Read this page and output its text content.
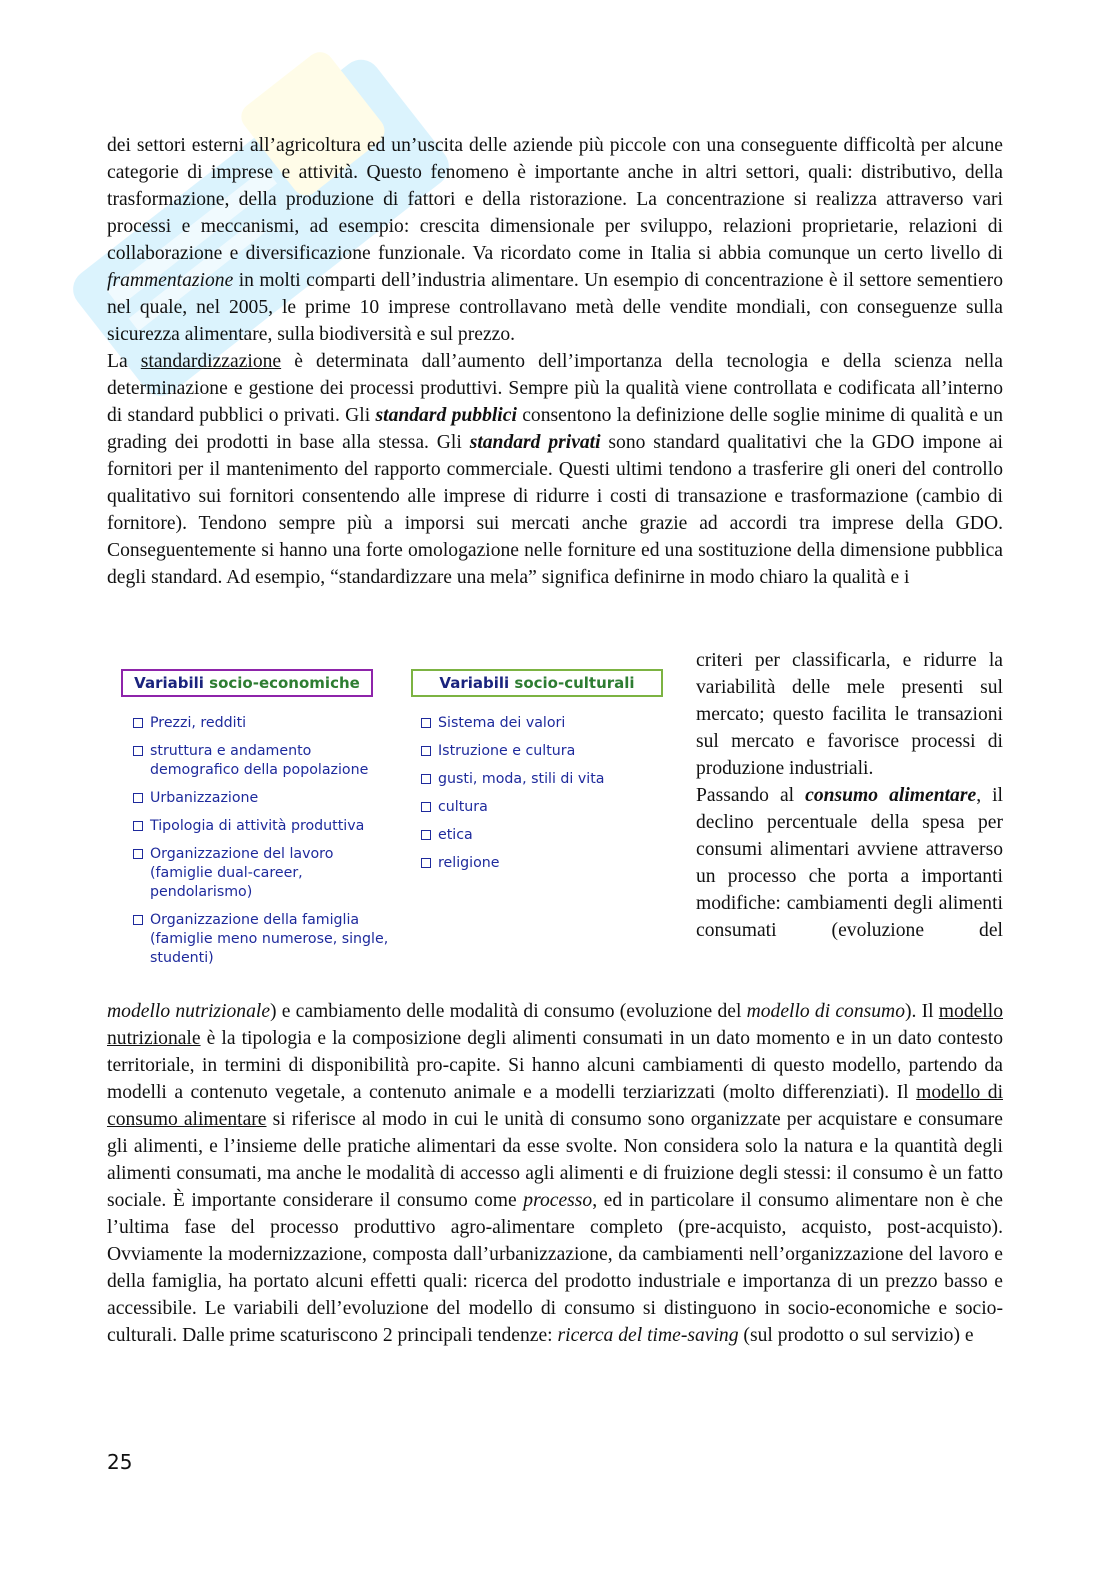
dei settori esterni all’agricoltura ed un’uscita delle aziende più piccole con una conseguente difficoltà per alcune categorie di imprese e attività. Questo fenomeno è importante anche in altri settori, quali: distributivo, della trasformazione, della produzione di fattori e della ristorazione. La concentrazione si realizza attraverso vari processi e meccanismi, ad esempio: crescita dimensionale per sviluppo, relazioni proprietarie, relazioni di collaborazione e diversificazione funzionale. Va ricordato come in Italia si abbia comunque un certo livello di frammentazione in molti comparti dell’industria alimentare. Un esempio di concentrazione è il settore sementiero nel quale, nel 2005, le prime 10 imprese controllavano metà delle vendite mondiali, con conseguenze sulla sicurezza alimentare, sulla biodiversità e sul prezzo.

La standardizzazione è determinata dall’aumento dell’importanza della tecnologia e della scienza nella determinazione e gestione dei processi produttivi. Sempre più la qualità viene controllata e codificata all’interno di standard pubblici o privati. Gli standard pubblici consentono la definizione delle soglie minime di qualità e un grading dei prodotti in base alla stessa. Gli standard privati sono standard qualitativi che la GDO impone ai fornitori per il mantenimento del rapporto commerciale. Questi ultimi tendono a trasferire gli oneri del controllo qualitativo sui fornitori consentendo alle imprese di ridurre i costi di transazione e trasformazione (cambio di fornitore). Tendono sempre più a imporsi sui mercati anche grazie ad accordi tra imprese della GDO. Conseguentemente si hanno una forte omologazione nelle forniture ed una sostituzione della dimensione pubblica degli standard. Ad esempio, “standardizzare una mela” significa definirne in modo chiaro la qualità e i

Variabili socio-economiche	Variabili socio-culturali
Prezzi, redditi
struttura e andamento demografico della popolazione
Urbanizzazione
Tipologia di attività produttiva
Organizzazione del lavoro (famiglie dual-career, pendolarismo)
Organizzazione della famiglia (famiglie meno numerose, single, studenti)
Sistema dei valori
Istruzione e cultura
gusti, moda, stili di vita
cultura
etica
religione

criteri per classificarla, e ridurre la variabilità delle mele presenti sul mercato; questo facilita le transazioni sul mercato e favorisce processi di produzione industriali.

Passando al consumo alimentare, il declino percentuale della spesa per consumi alimentari avviene attraverso un processo che porta a importanti modifiche: cambiamenti degli alimenti consumati (evoluzione del

modello nutrizionale) e cambiamento delle modalità di consumo (evoluzione del modello di consumo). Il modello nutrizionale è la tipologia e la composizione degli alimenti consumati in un dato momento e in un dato contesto territoriale, in termini di disponibilità pro-capite. Si hanno alcuni cambiamenti di questo modello, partendo da modelli a contenuto vegetale, a contenuto animale e a modelli terziarizzati (molto differenziati). Il modello di consumo alimentare si riferisce al modo in cui le unità di consumo sono organizzate per acquistare e consumare gli alimenti, e l’insieme delle pratiche alimentari da esse svolte. Non considera solo la natura e la quantità degli alimenti consumati, ma anche le modalità di accesso agli alimenti e di fruizione degli stessi: il consumo è un fatto sociale. È importante considerare il consumo come processo, ed in particolare il consumo alimentare non è che l’ultima fase del processo produttivo agro-alimentare completo (pre-acquisto, acquisto, post-acquisto). Ovviamente la modernizzazione, composta dall’urbanizzazione, da cambiamenti nell’organizzazione del lavoro e della famiglia, ha portato alcuni effetti quali: ricerca del prodotto industriale e importanza di un prezzo basso e accessibile. Le variabili dell’evoluzione del modello di consumo si distinguono in socio-economiche e socio-culturali. Dalle prime scaturiscono 2 principali tendenze: ricerca del time-saving (sul prodotto o sul servizio) e

25
